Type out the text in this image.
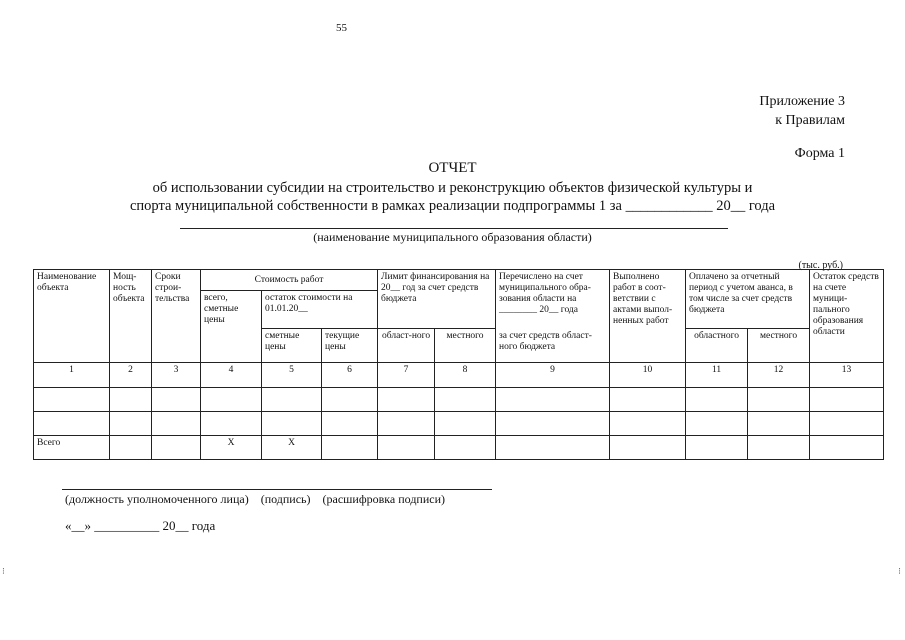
55
Приложение 3
к Правилам
Форма 1
ОТЧЕТ
об использовании субсидии на строительство и реконструкцию объектов физической культуры и
спорта муниципальной собственности в рамках реализации подпрограммы 1 за ____________ 20__ года
(наименование муниципального образования области)
(тыс. руб.)
Наименование объекта	Мощ-ность объекта	Сроки строи-тельства	Стоимость работ			Лимит финансирования на 20__ год за счет средств бюджета		Перечислено на счет муниципального обра-зования области на ________ 20__ года	Выполнено работ в соот-ветствии с актами выпол-ненных работ	Оплачено за отчетный период с учетом аванса, в том числе за счет средств бюджета		Остаток средств на счете муници-пального образования области
			всего, сметные цены	остаток стоимости на 01.01.20__								
				сметные цены	текущие цены	област-ного	местного	за счет средств област-ного бюджета		областного	местного	
1	2	3	4	5	6	7	8	9	10	11	12	13

Всего			Х	Х								
(должность уполномоченного лица)    (подпись)    (расшифровка подписи)
«__» __________ 20__ года
⁝	⁝
